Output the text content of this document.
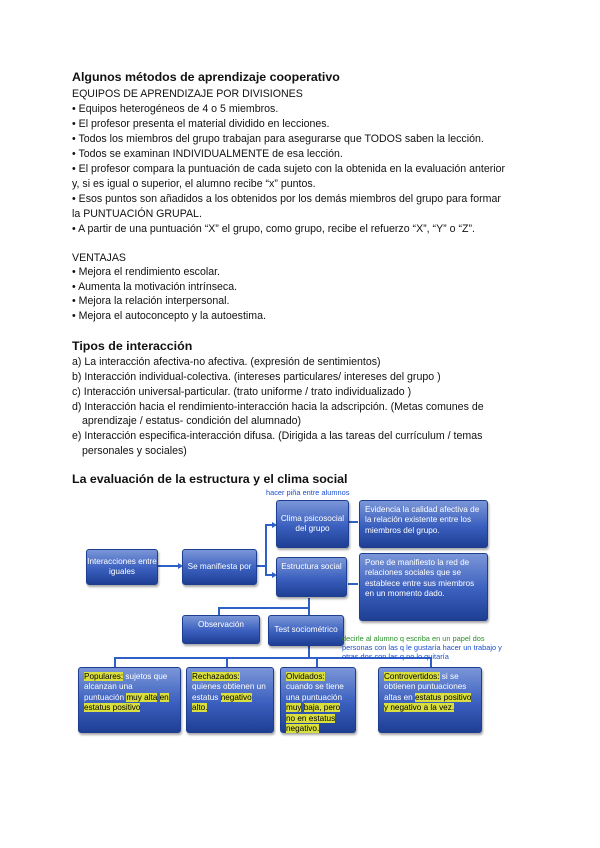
Algunos métodos de aprendizaje cooperativo
EQUIPOS DE APRENDIZAJE POR DIVISIONES
• Equipos heterogéneos de 4 o 5 miembros.
• El profesor presenta el material dividido en lecciones.
• Todos los miembros del grupo trabajan para asegurarse que TODOS saben la lección.
• Todos se examinan INDIVIDUALMENTE de esa lección.
• El profesor compara la puntuación de cada sujeto con la obtenida en la evaluación anterior
y, si es igual o superior, el alumno recibe “x” puntos.
• Esos puntos son añadidos a los obtenidos por los demás miembros del grupo para formar
la PUNTUACIÓN GRUPAL.
• A partir de una puntuación “X” el grupo, como grupo, recibe el refuerzo “X”, “Y” o “Z”.
VENTAJAS
• Mejora el rendimiento escolar.
• Aumenta la motivación intrínseca.
• Mejora la relación interpersonal.
• Mejora el autoconcepto y la autoestima.
Tipos de interacción
a) La interacción afectiva-no afectiva. (expresión de sentimientos)
b) Interacción individual-colectiva. (intereses particulares/ intereses del grupo )
c) Interacción universal-particular. (trato uniforme / trato individualizado )
d) Interacción hacia el rendimiento-interacción hacia la adscripción. (Metas comunes de
aprendizaje / estatus- condición del alumnado)
e) Interacción especifica-interacción difusa. (Dirigida a las tareas del currículum / temas
personales y sociales)
La evaluación de la estructura y el clima social
hacer piña entre alumnos
Interacciones entre iguales
Se manifiesta por
Clima psicosocial del grupo
Evidencia la calidad afectiva de la relación existente entre los miembros del grupo.
Estructura social	Pone de manifiesto la red de relaciones sociales que se establece entre sus miembros en un momento dado.
Observación
Test sociométrico
decirle al alumno q escriba en un papel dos
personas con las q le gustaría hacer un trabajo y
otras dos con las q no lo quitaría
Populares: sujetos que alcanzan una puntuación muy alta en estatus positivo
Rechazados: quienes obtienen un estatus negativo alto.
Olvidados: cuando se tiene una puntuación muy baja, pero no en estatus negativo.
Controvertidos: si se obtienen puntuaciones altas en estatus positivo y negativo a la vez.
